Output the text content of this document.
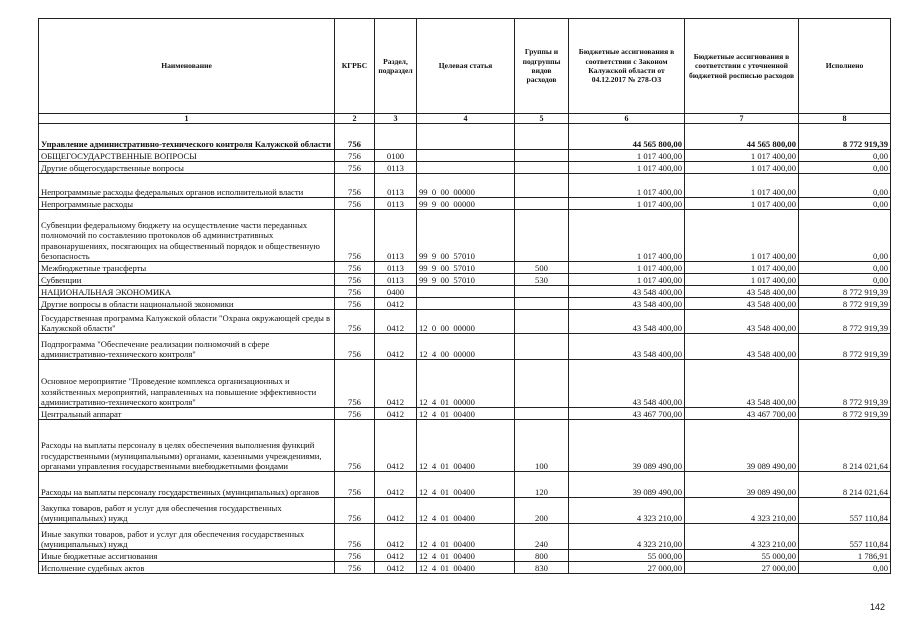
Наименование	КГРБС	Раздел, подраздел	Целевая статья	Группы и подгруппы видов расходов	Бюджетные ассигнования в соответствии с Законом Калужской области от 04.12.2017 № 278-ОЗ	Бюджетные ассигнования в соответствии с уточненной бюджетной росписью расходов	Исполнено
1	2	3	4	5	6	7	8
Управление административно-технического контроля Калужской области	756				44 565 800,00	44 565 800,00	8 772 919,39
ОБЩЕГОСУДАРСТВЕННЫЕ ВОПРОСЫ	756	0100			1 017 400,00	1 017 400,00	0,00
Другие общегосударственные вопросы	756	0113			1 017 400,00	1 017 400,00	0,00
Непрограммные расходы федеральных органов исполнительной власти	756	0113	99  0  00  00000		1 017 400,00	1 017 400,00	0,00
Непрограммные расходы	756	0113	99  9  00  00000		1 017 400,00	1 017 400,00	0,00
Субвенции федеральному бюджету на осуществление части переданных полномочий по составлению протоколов об административных правонарушениях, посягающих на общественный порядок и общественную безопасность	756	0113	99  9  00  57010		1 017 400,00	1 017 400,00	0,00
Межбюджетные трансферты	756	0113	99  9  00  57010	500	1 017 400,00	1 017 400,00	0,00
Субвенции	756	0113	99  9  00  57010	530	1 017 400,00	1 017 400,00	0,00
НАЦИОНАЛЬНАЯ ЭКОНОМИКА	756	0400			43 548 400,00	43 548 400,00	8 772 919,39
Другие вопросы в области национальной экономики	756	0412			43 548 400,00	43 548 400,00	8 772 919,39
Государственная программа Калужской области "Охрана окружающей среды в Калужской области"	756	0412	12  0  00  00000		43 548 400,00	43 548 400,00	8 772 919,39
Подпрограмма "Обеспечение реализации полномочий в сфере административно-технического контроля"	756	0412	12  4  00  00000		43 548 400,00	43 548 400,00	8 772 919,39
Основное мероприятие "Проведение комплекса организационных и хозяйственных мероприятий, направленных на повышение эффективности административно-технического контроля"	756	0412	12  4  01  00000		43 548 400,00	43 548 400,00	8 772 919,39
Центральный аппарат	756	0412	12  4  01  00400		43 467 700,00	43 467 700,00	8 772 919,39
Расходы на выплаты персоналу в целях обеспечения выполнения функций государственными (муниципальными) органами, казенными учреждениями, органами управления государственными внебюджетными фондами	756	0412	12  4  01  00400	100	39 089 490,00	39 089 490,00	8 214 021,64
Расходы на выплаты персоналу государственных (муниципальных) органов	756	0412	12  4  01  00400	120	39 089 490,00	39 089 490,00	8 214 021,64
Закупка товаров, работ и услуг для обеспечения государственных (муниципальных) нужд	756	0412	12  4  01  00400	200	4 323 210,00	4 323 210,00	557 110,84
Иные закупки товаров, работ и услуг для обеспечения государственных (муниципальных) нужд	756	0412	12  4  01  00400	240	4 323 210,00	4 323 210,00	557 110,84
Иные бюджетные ассигнования	756	0412	12  4  01  00400	800	55 000,00	55 000,00	1 786,91
Исполнение судебных актов	756	0412	12  4  01  00400	830	27 000,00	27 000,00	0,00
142
